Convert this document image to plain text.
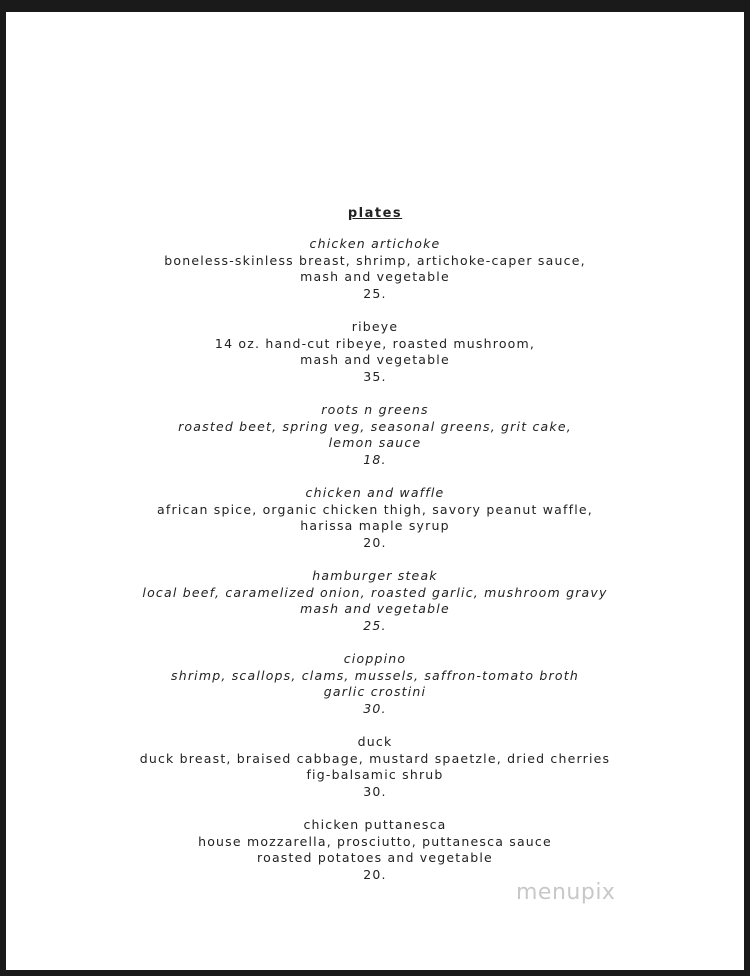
plates
chicken artichoke
boneless-skinless breast, shrimp, artichoke-caper sauce,
mash and vegetable
25.
ribeye
14 oz. hand-cut ribeye, roasted mushroom,
mash and vegetable
35.
roots n greens
roasted beet, spring veg, seasonal greens, grit cake,
lemon sauce
18.
chicken and waffle
african spice, organic chicken thigh, savory peanut waffle,
harissa maple syrup
20.
hamburger steak
local beef, caramelized onion, roasted garlic, mushroom gravy
mash and vegetable
25.
cioppino
shrimp, scallops, clams, mussels, saffron-tomato broth
garlic crostini
30.
duck
duck breast, braised cabbage, mustard spaetzle, dried cherries
fig-balsamic shrub
30.
chicken puttanesca
house mozzarella, prosciutto, puttanesca sauce
roasted potatoes and vegetable
20.
menupix
